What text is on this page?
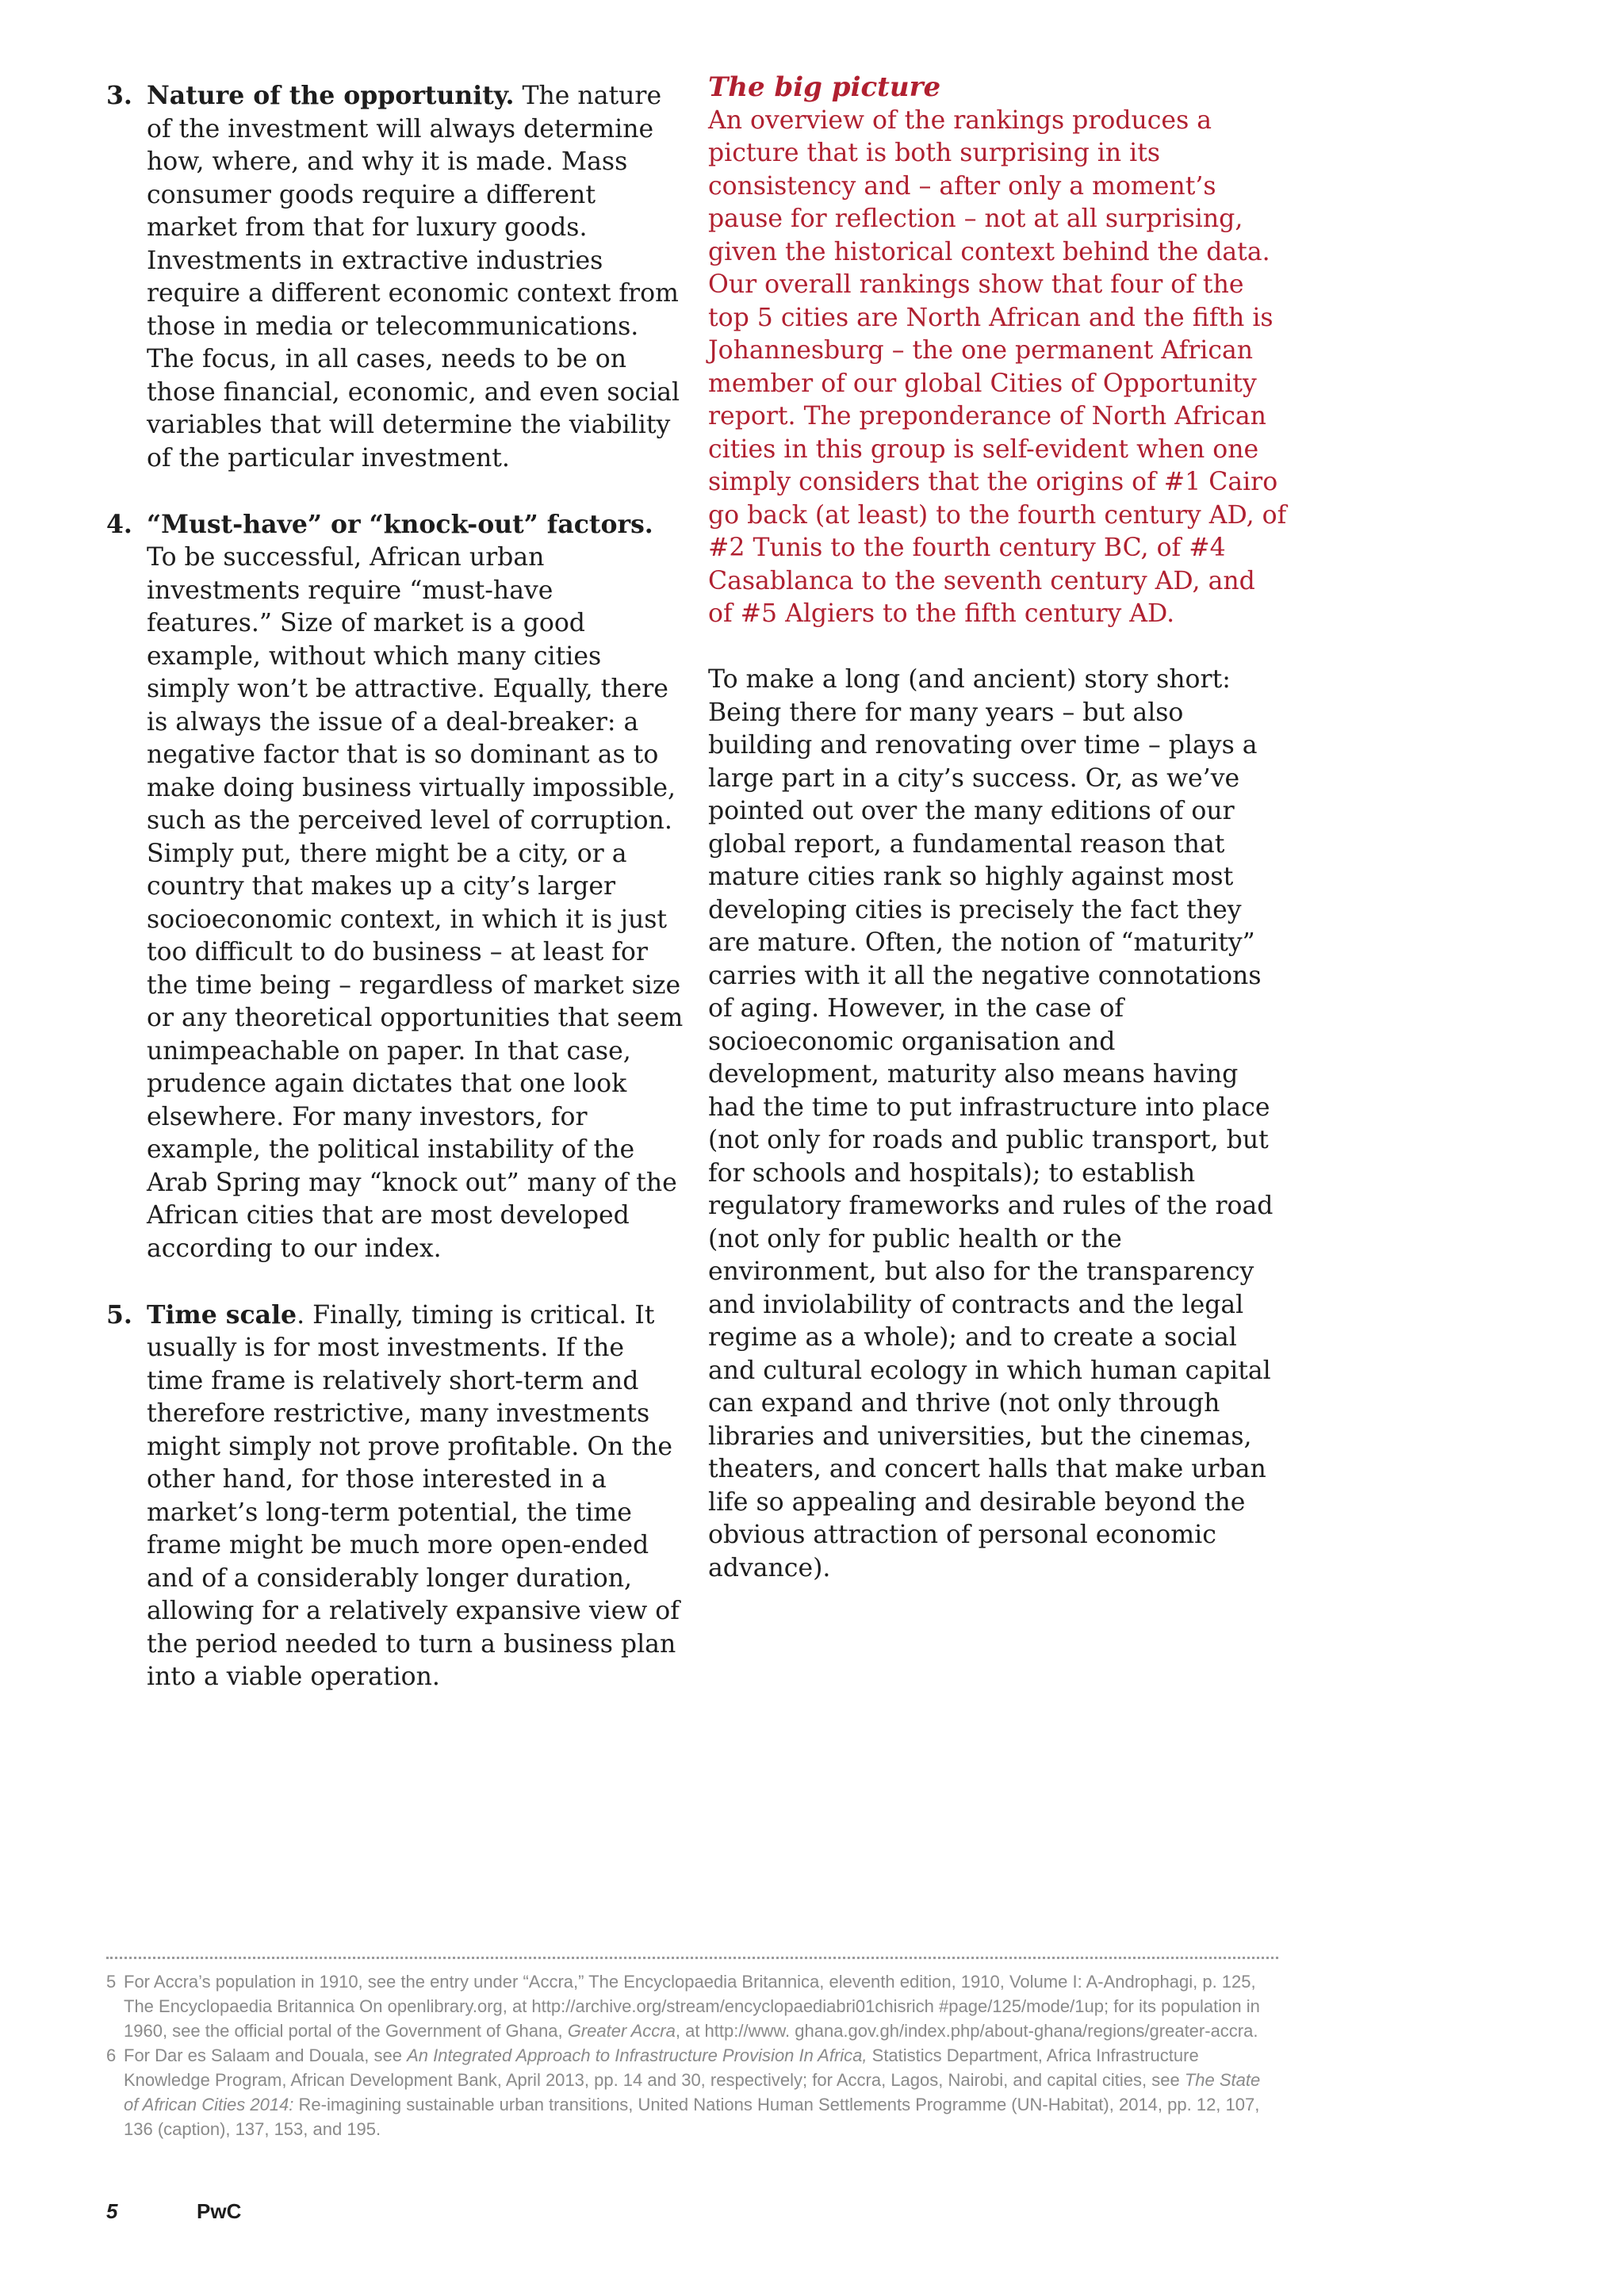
3. Nature of the opportunity. The nature of the investment will always determine how, where, and why it is made. Mass consumer goods require a different market from that for luxury goods. Investments in extractive industries require a different economic context from those in media or telecommunications. The focus, in all cases, needs to be on those financial, economic, and even social variables that will determine the viability of the particular investment.
4. “Must-have” or “knock-out” factors. To be successful, African urban investments require “must-have features.” Size of market is a good example, without which many cities simply won’t be attractive. Equally, there is always the issue of a deal-breaker: a negative factor that is so dominant as to make doing business virtually impossible, such as the perceived level of corruption. Simply put, there might be a city, or a country that makes up a city’s larger socioeconomic context, in which it is just too difficult to do business – at least for the time being – regardless of market size or any theoretical opportunities that seem unimpeachable on paper. In that case, prudence again dictates that one look elsewhere. For many investors, for example, the political instability of the Arab Spring may “knock out” many of the African cities that are most developed according to our index.
5. Time scale. Finally, timing is critical. It usually is for most investments. If the time frame is relatively short-term and therefore restrictive, many investments might simply not prove profitable. On the other hand, for those interested in a market’s long-term potential, the time frame might be much more open-ended and of a considerably longer duration, allowing for a relatively expansive view of the period needed to turn a business plan into a viable operation.
The big picture
An overview of the rankings produces a picture that is both surprising in its consistency and – after only a moment’s pause for reflection – not at all surprising, given the historical context behind the data. Our overall rankings show that four of the top 5 cities are North African and the fifth is Johannesburg – the one permanent African member of our global Cities of Opportunity report. The preponderance of North African cities in this group is self-evident when one simply considers that the origins of #1 Cairo go back (at least) to the fourth century AD, of #2 Tunis to the fourth century BC, of #4 Casablanca to the seventh century AD, and of #5 Algiers to the fifth century AD.
To make a long (and ancient) story short: Being there for many years – but also building and renovating over time – plays a large part in a city’s success. Or, as we’ve pointed out over the many editions of our global report, a fundamental reason that mature cities rank so highly against most developing cities is precisely the fact they are mature. Often, the notion of “maturity” carries with it all the negative connotations of aging. However, in the case of socioeconomic organisation and development, maturity also means having had the time to put infrastructure into place (not only for roads and public transport, but for schools and hospitals); to establish regulatory frameworks and rules of the road (not only for public health or the environment, but also for the transparency and inviolability of contracts and the legal regime as a whole); and to create a social and cultural ecology in which human capital can expand and thrive (not only through libraries and universities, but the cinemas, theaters, and concert halls that make urban life so appealing and desirable beyond the obvious attraction of personal economic advance).
5 For Accra’s population in 1910, see the entry under “Accra,” The Encyclopaedia Britannica, eleventh edition, 1910, Volume I: A-Androphagi, p. 125, The Encyclopaedia Britannica On openlibrary.org, at http://archive.org/stream/encyclopaediabri01chisrich #page/125/mode/1up; for its population in 1960, see the official portal of the Government of Ghana, Greater Accra, at http://www. ghana.gov.gh/index.php/about-ghana/regions/greater-accra.
6 For Dar es Salaam and Douala, see An Integrated Approach to Infrastructure Provision In Africa, Statistics Department, Africa Infrastructure Knowledge Program, African Development Bank, April 2013, pp. 14 and 30, respectively; for Accra, Lagos, Nairobi, and capital cities, see The State of African Cities 2014: Re-imagining sustainable urban transitions, United Nations Human Settlements Programme (UN-Habitat), 2014, pp. 12, 107, 136 (caption), 137, 153, and 195.
5	PwC
